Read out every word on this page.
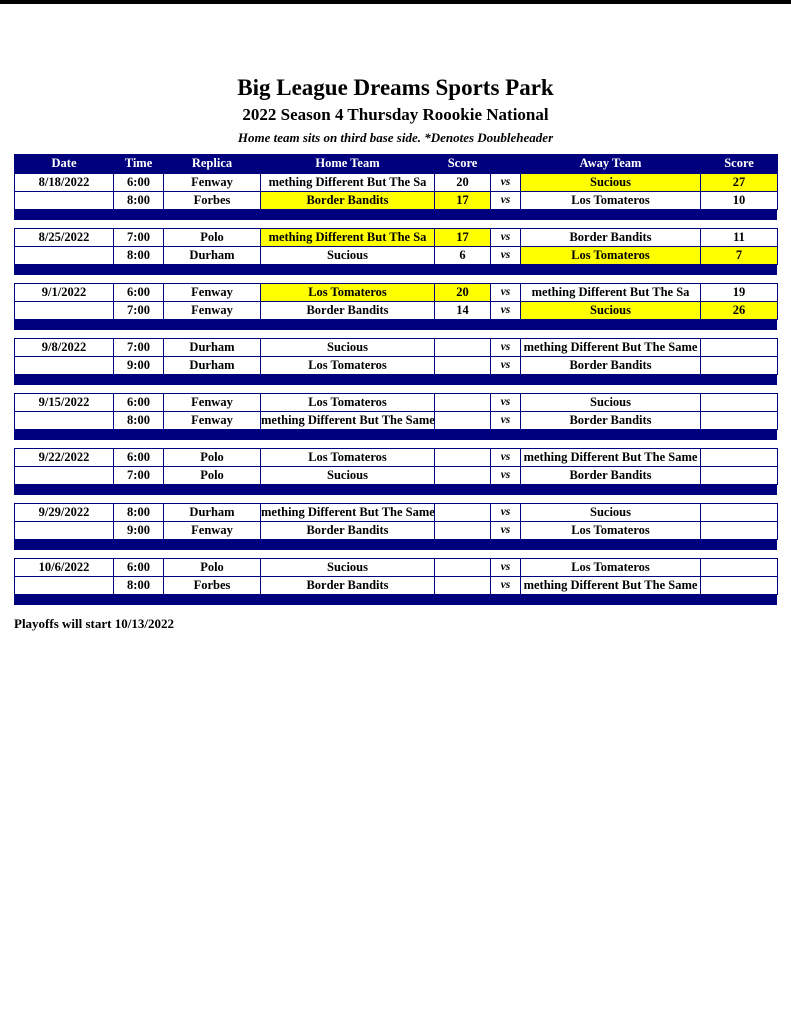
Big League Dreams Sports Park
2022 Season 4 Thursday Roookie National
Home team sits on third base side. *Denotes Doubleheader
Date	Time	Replica	Home Team	Score		Away Team	Score
8/18/2022	6:00	Fenway	mething Different But The Sa	20	vs	Sucious	27
	8:00	Forbes	Border Bandits	17	vs	Los Tomateros	10
8/25/2022	7:00	Polo	mething Different But The Sa	17	vs	Border Bandits	11
	8:00	Durham	Sucious	6	vs	Los Tomateros	7
9/1/2022	6:00	Fenway	Los Tomateros	20	vs	mething Different But The Sa	19
	7:00	Fenway	Border Bandits	14	vs	Sucious	26
9/8/2022	7:00	Durham	Sucious		vs	mething Different But The Same	
	9:00	Durham	Los Tomateros		vs	Border Bandits	
9/15/2022	6:00	Fenway	Los Tomateros		vs	Sucious	
	8:00	Fenway	mething Different But The Same		vs	Border Bandits	
9/22/2022	6:00	Polo	Los Tomateros		vs	mething Different But The Same	
	7:00	Polo	Sucious		vs	Border Bandits	
9/29/2022	8:00	Durham	mething Different But The Same		vs	Sucious	
	9:00	Fenway	Border Bandits		vs	Los Tomateros	
10/6/2022	6:00	Polo	Sucious		vs	Los Tomateros	
	8:00	Forbes	Border Bandits		vs	mething Different But The Same	
Playoffs will start 10/13/2022
